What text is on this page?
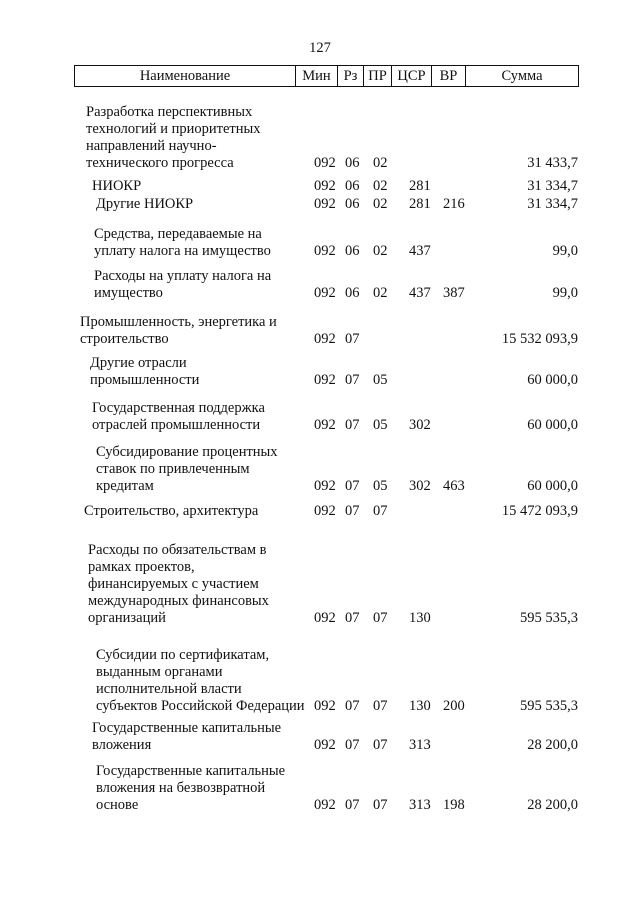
127
Наименование	Мин Рз ПР ЦСР ВР	Сумма
Разработка перспективных
технологий и приоритетных
направлений научно-
технического прогресса	092 06 02	31 433,7
НИОКР	092 06 02 281	31 334,7
Другие НИОКР	092 06 02 281 216	31 334,7
Средства, передаваемые на
уплату налога на имущество	092 06 02 437	99,0
Расходы на уплату налога на
имущество	092 06 02 437 387	99,0
Промышленность, энергетика и
строительство	092 07	15 532 093,9
Другие отрасли
промышленности	092 07 05	60 000,0
Государственная поддержка
отраслей промышленности	092 07 05 302	60 000,0
Субсидирование процентных
ставок по привлеченным
кредитам	092 07 05 302 463	60 000,0
Строительство, архитектура	092 07 07	15 472 093,9
Расходы по обязательствам в
рамках проектов,
финансируемых с участием
международных финансовых
организаций	092 07 07 130	595 535,3
Субсидии по сертификатам,
выданным органами
исполнительной власти
субъектов Российской Федерации 092 07 07 130 200	595 535,3
Государственные капитальные
вложения	092 07 07 313	28 200,0
Государственные капитальные
вложения на безвозвратной
основе	092 07 07 313 198	28 200,0
